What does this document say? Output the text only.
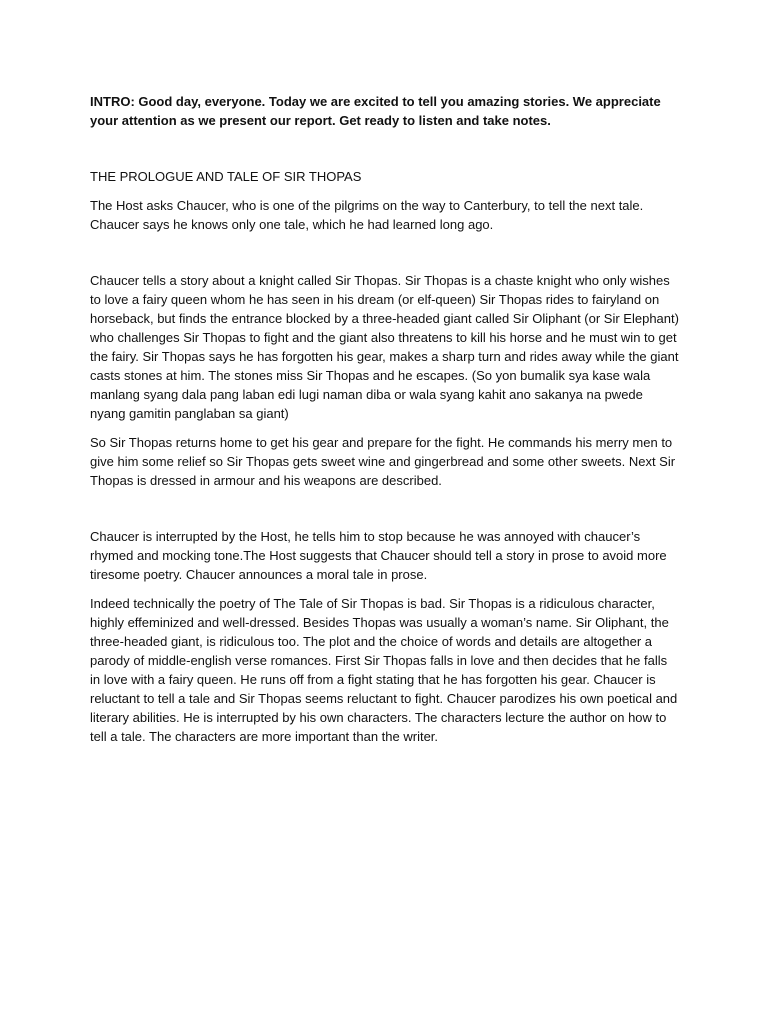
INTRO: Good day, everyone. Today we are excited to tell you amazing stories. We appreciate your attention as we present our report. Get ready to listen and take notes.

THE PROLOGUE AND TALE OF SIR THOPAS

The Host asks Chaucer, who is one of the pilgrims on the way to Canterbury, to tell the next tale. Chaucer says he knows only one tale, which he had learned long ago.

Chaucer tells a story about a knight called Sir Thopas. Sir Thopas is a chaste knight who only wishes to love a fairy queen whom he has seen in his dream (or elf-queen) Sir Thopas rides to fairyland on horseback, but finds the entrance blocked by a three-headed giant called Sir Oliphant (or Sir Elephant) who challenges Sir Thopas to fight and the giant also threatens to kill his horse and he must win to get the fairy. Sir Thopas says he has forgotten his gear, makes a sharp turn and rides away while the giant casts stones at him. The stones miss Sir Thopas and he escapes. (So yon bumalik sya kase wala manlang syang dala pang laban edi lugi naman diba or wala syang kahit ano sakanya na pwede nyang gamitin panglaban sa giant)

So Sir Thopas returns home to get his gear and prepare for the fight. He commands his merry men to give him some relief so Sir Thopas gets sweet wine and gingerbread and some other sweets. Next Sir Thopas is dressed in armour and his weapons are described.

Chaucer is interrupted by the Host, he tells him to stop because he was annoyed with chaucer’s rhymed and mocking tone.The Host suggests that Chaucer should tell a story in prose to avoid more tiresome poetry. Chaucer announces a moral tale in prose.

Indeed technically the poetry of The Tale of Sir Thopas is bad. Sir Thopas is a ridiculous character, highly effeminized and well-dressed. Besides Thopas was usually a woman’s name. Sir Oliphant, the three-headed giant, is ridiculous too. The plot and the choice of words and details are altogether a parody of middle-english verse romances. First Sir Thopas falls in love and then decides that he falls in love with a fairy queen. He runs off from a fight stating that he has forgotten his gear. Chaucer is reluctant to tell a tale and Sir Thopas seems reluctant to fight. Chaucer parodizes his own poetical and literary abilities. He is interrupted by his own characters. The characters lecture the author on how to tell a tale. The characters are more important than the writer.
